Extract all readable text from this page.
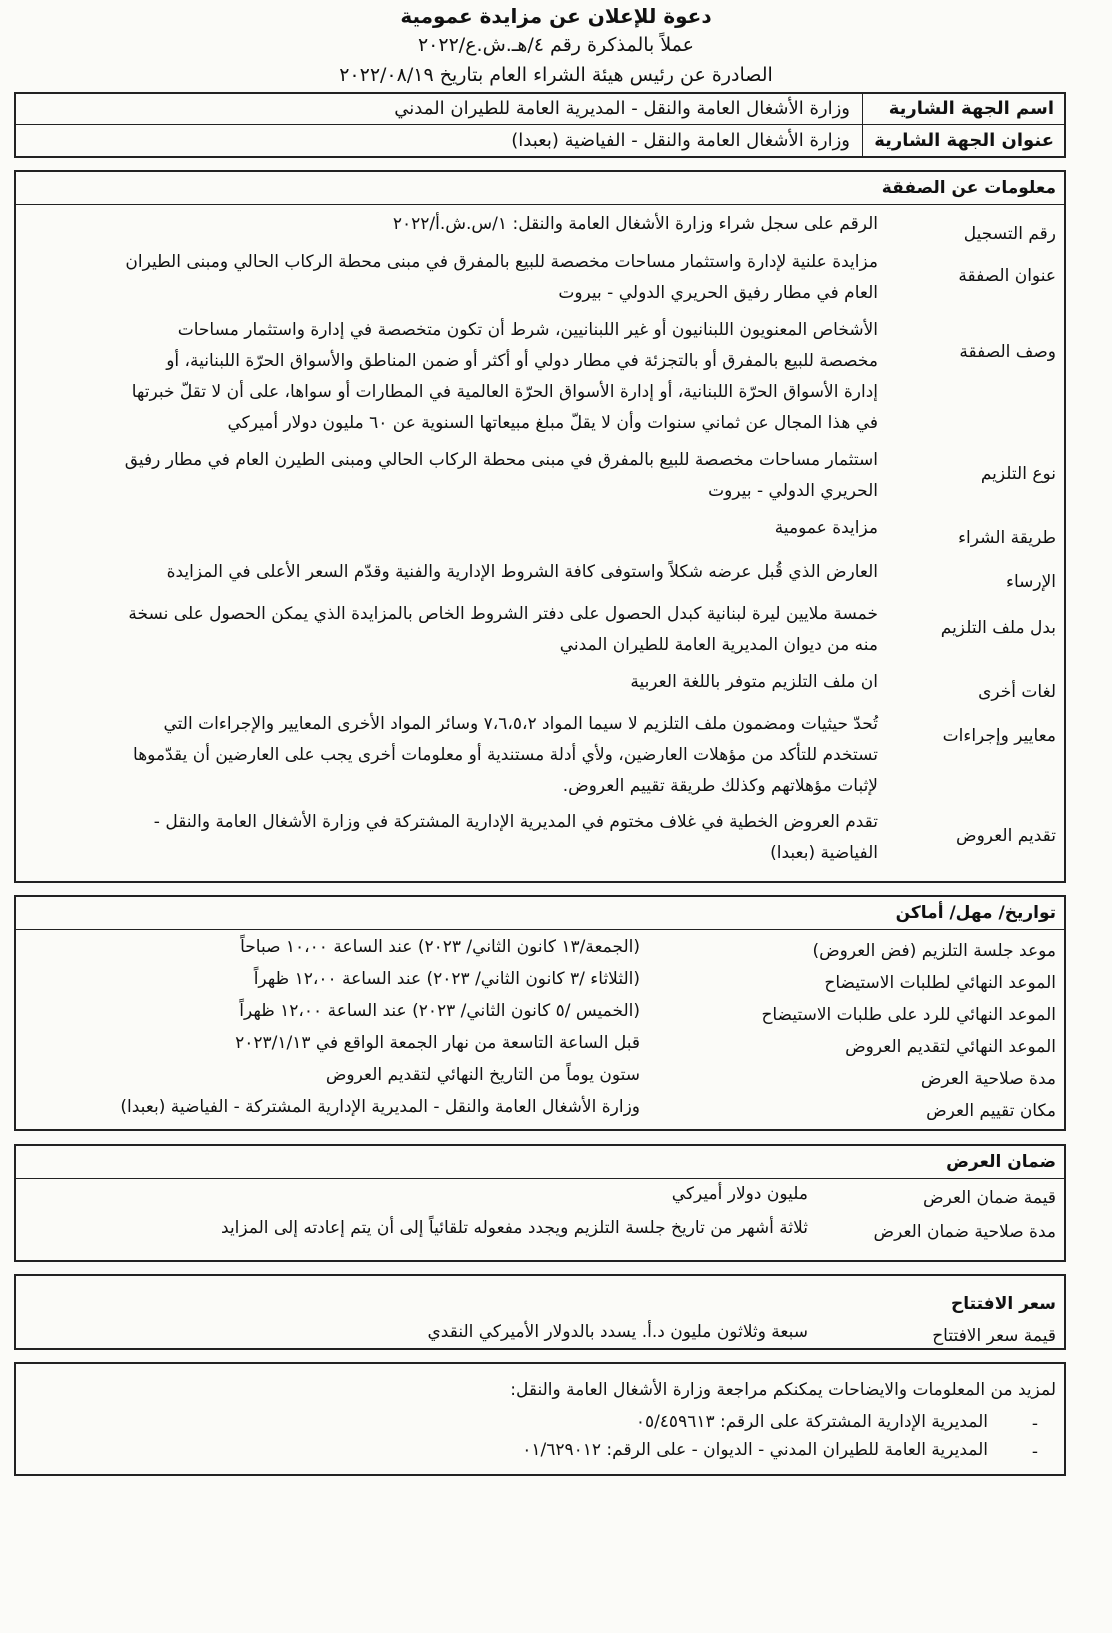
دعوة للإعلان عن مزايدة عمومية
عملاً بالمذكرة رقم ٤/هـ.ش.ع/٢٠٢٢
الصادرة عن رئيس هيئة الشراء العام بتاريخ ٢٠٢٢/٠٨/١٩
اسم الجهة الشارية
وزارة الأشغال العامة والنقل - المديرية العامة للطيران المدني
عنوان الجهة الشارية
وزارة الأشغال العامة والنقل - الفياضية (بعبدا)
معلومات عن الصفقة
رقم التسجيل
الرقم على سجل شراء وزارة الأشغال العامة والنقل: ١/س.ش.أ/٢٠٢٢
عنوان الصفقة
مزايدة علنية لإدارة واستثمار مساحات مخصصة للبيع بالمفرق في مبنى محطة الركاب الحالي ومبنى الطيران
العام في مطار رفيق الحريري الدولي - بيروت
وصف الصفقة
الأشخاص المعنويون اللبنانيون أو غير اللبنانيين، شرط أن تكون متخصصة في إدارة واستثمار مساحات
مخصصة للبيع بالمفرق أو بالتجزئة في مطار دولي أو أكثر أو ضمن المناطق والأسواق الحرّة اللبنانية، أو
إدارة الأسواق الحرّة اللبنانية، أو إدارة الأسواق الحرّة العالمية في المطارات أو سواها، على أن لا تقلّ خبرتها
في هذا المجال عن ثماني سنوات وأن لا يقلّ مبلغ مبيعاتها السنوية عن ٦٠ مليون دولار أميركي
نوع التلزيم
استثمار مساحات مخصصة للبيع بالمفرق في مبنى محطة الركاب الحالي ومبنى الطيرن العام في مطار رفيق
الحريري الدولي - بيروت
طريقة الشراء
مزايدة عمومية
الإرساء
العارض الذي قُبل عرضه شكلاً واستوفى كافة الشروط الإدارية والفنية وقدّم السعر الأعلى في المزايدة
بدل ملف التلزيم
خمسة ملايين ليرة لبنانية كبدل الحصول على دفتر الشروط الخاص بالمزايدة الذي يمكن الحصول على نسخة
منه من ديوان المديرية العامة للطيران المدني
لغات أخرى
ان ملف التلزيم متوفر باللغة العربية
معايير وإجراءات
تُحدّ حيثيات ومضمون ملف التلزيم لا سيما المواد ٧،٦،٥،٢ وسائر المواد الأخرى المعايير والإجراءات التي
تستخدم للتأكد من مؤهلات العارضين، ولأي أدلة مستندية أو معلومات أخرى يجب على العارضين أن يقدّموها
لإثبات مؤهلاتهم وكذلك طريقة تقييم العروض.
تقديم العروض
تقدم العروض الخطية في غلاف مختوم في المديرية الإدارية المشتركة في وزارة الأشغال العامة والنقل -
الفياضية (بعبدا)
تواريخ/ مهل/ أماكن
موعد جلسة التلزيم (فض العروض)
(الجمعة/١٣ كانون الثاني/ ٢٠٢٣) عند الساعة ١٠،٠٠ صباحاً
الموعد النهائي لطلبات الاستيضاح
(الثلاثاء /٣ كانون الثاني/ ٢٠٢٣) عند الساعة ١٢،٠٠ ظهراً
الموعد النهائي للرد على طلبات الاستيضاح
(الخميس /٥ كانون الثاني/ ٢٠٢٣) عند الساعة ١٢،٠٠ ظهراً
الموعد النهائي لتقديم العروض
قبل الساعة التاسعة من نهار الجمعة الواقع في ٢٠٢٣/١/١٣
مدة صلاحية العرض
ستون يوماً من التاريخ النهائي لتقديم العروض
مكان تقييم العرض
وزارة الأشغال العامة والنقل - المديرية الإدارية المشتركة - الفياضية (بعبدا)
ضمان العرض
قيمة ضمان العرض
مليون دولار أميركي
مدة صلاحية ضمان العرض
ثلاثة أشهر من تاريخ جلسة التلزيم ويجدد مفعوله تلقائياً إلى أن يتم إعادته إلى المزايد
سعر الافتتاح
قيمة سعر الافتتاح
سبعة وثلاثون مليون د.أ. يسدد بالدولار الأميركي النقدي
لمزيد من المعلومات والايضاحات يمكنكم مراجعة وزارة الأشغال العامة والنقل:
-
المديرية الإدارية المشتركة على الرقم: ٠٥/٤٥٩٦١٣
-
المديرية العامة للطيران المدني - الديوان - على الرقم: ٠١/٦٢٩٠١٢
